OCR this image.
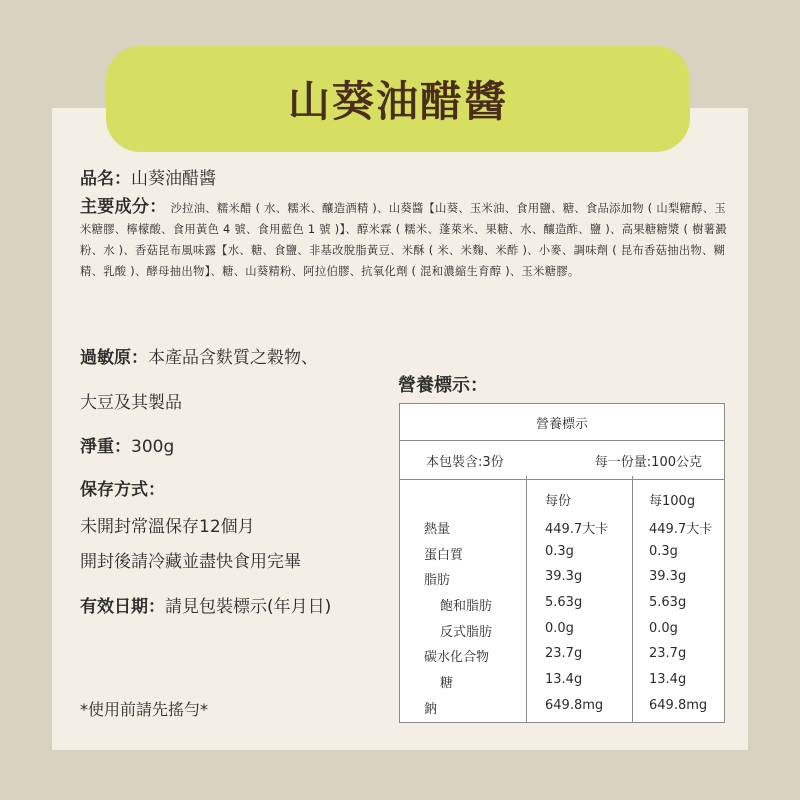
山葵油醋醬
品名：山葵油醋醬
主要成分： 沙拉油、糯米醋 ( 水、糯米、釀造酒精 )、山葵醬【山葵、玉米油、食用鹽、糖、食品添加物 ( 山梨糖醇、玉米糖膠、檸檬酸、食用黃色 4 號、食用藍色 1 號 )】、醇米霖 ( 糯米、蓬萊米、果糖、水、釀造酢、鹽 )、高果糖糖漿 ( 樹薯澱粉、水 )、香菇昆布風味露【水、糖、食鹽、非基改脫脂黃豆、米酥 ( 米、米麴、米酢 )、小麥、調味劑 ( 昆布香菇抽出物、糊精、乳酸 )、酵母抽出物】、糖、山葵精粉、阿拉伯膠、抗氧化劑 ( 混和濃縮生育醇 )、玉米糖膠。
過敏原：本產品含麩質之穀物、
大豆及其製品
淨重：300g
保存方式：
未開封常溫保存12個月
開封後請冷藏並盡快食用完畢
有效日期：請見包裝標示(年月日)
*使用前請先搖勻*
營養標示：
營養標示
本包裝含:3份	每一份量:100公克
每份	每100g
熱量	449.7大卡	449.7大卡
蛋白質	0.3g	0.3g
脂肪	39.3g	39.3g
飽和脂肪	5.63g	5.63g
反式脂肪	0.0g	0.0g
碳水化合物	23.7g	23.7g
糖	13.4g	13.4g
鈉	649.8mg	649.8mg
